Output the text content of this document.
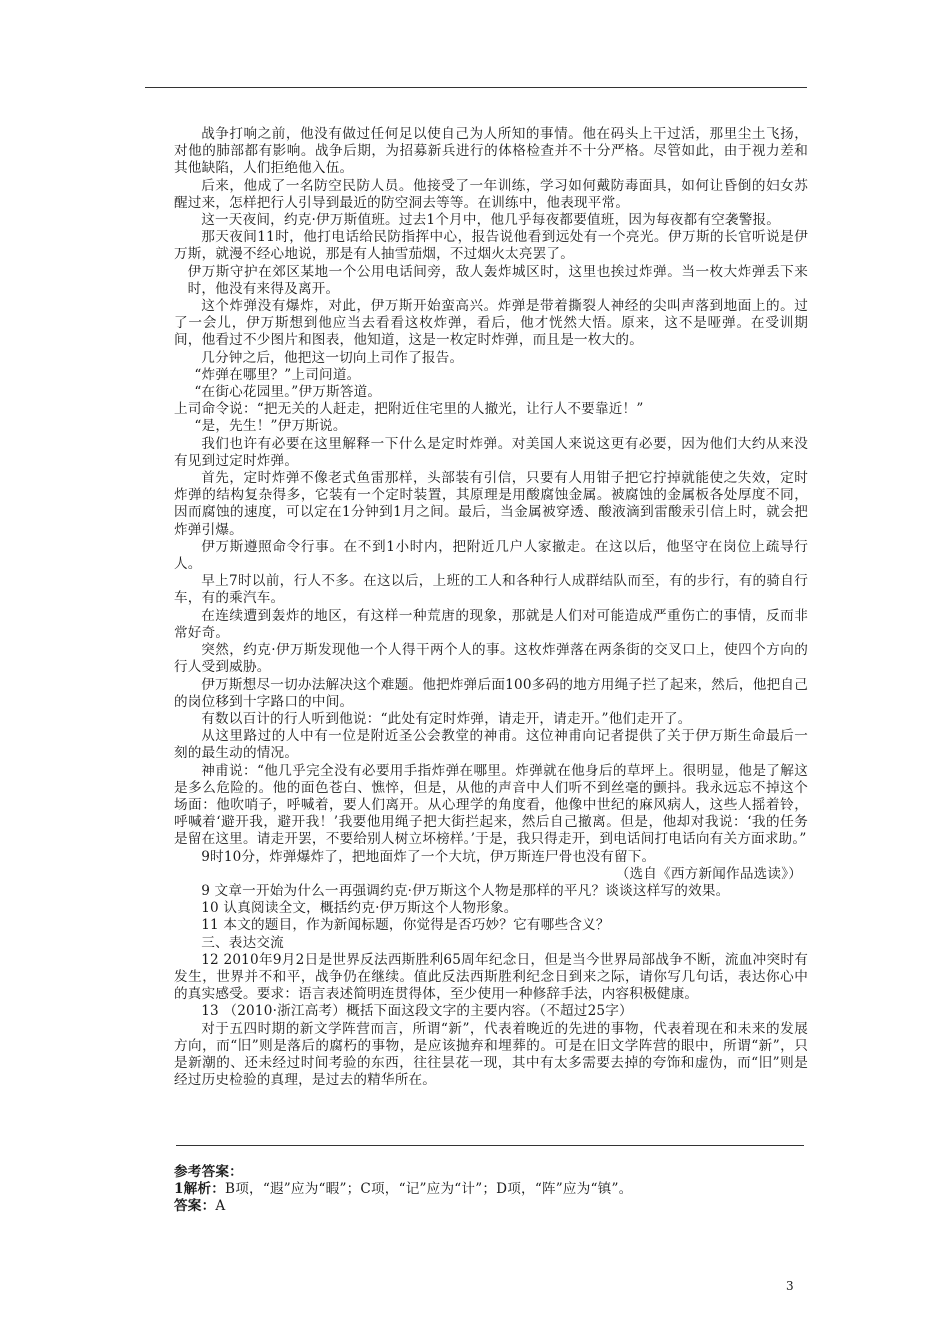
战争打响之前，他没有做过任何足以使自己为人所知的事情。他在码头上干过活，那里尘土飞扬，对他的肺部都有影响。战争后期，为招募新兵进行的体格检查并不十分严格。尽管如此，由于视力差和其他缺陷，人们拒绝他入伍。
后来，他成了一名防空民防人员。他接受了一年训练，学习如何戴防毒面具，如何让昏倒的妇女苏醒过来，怎样把行人引导到最近的防空洞去等等。在训练中，他表现平常。
这一天夜间，约克·伊万斯值班。过去1个月中，他几乎每夜都要值班，因为每夜都有空袭警报。
那天夜间11时，他打电话给民防指挥中心，报告说他看到远处有一个亮光。伊万斯的长官听说是伊万斯，就漫不经心地说，那是有人抽雪茄烟，不过烟火太亮罢了。
伊万斯守护在郊区某地一个公用电话间旁，敌人轰炸城区时，这里也挨过炸弹。当一枚大炸弹丢下来时，他没有来得及离开。
这个炸弹没有爆炸，对此，伊万斯开始蛮高兴。炸弹是带着撕裂人神经的尖叫声落到地面上的。过了一会儿，伊万斯想到他应当去看看这枚炸弹，看后，他才恍然大悟。原来，这不是哑弹。在受训期间，他看过不少图片和图表，他知道，这是一枚定时炸弹，而且是一枚大的。
几分钟之后，他把这一切向上司作了报告。
“炸弹在哪里？”上司问道。
“在街心花园里。”伊万斯答道。
上司命令说：“把无关的人赶走，把附近住宅里的人撤光，让行人不要靠近！”
“是，先生！”伊万斯说。
我们也许有必要在这里解释一下什么是定时炸弹。对美国人来说这更有必要，因为他们大约从来没有见到过定时炸弹。
首先，定时炸弹不像老式鱼雷那样，头部装有引信，只要有人用钳子把它拧掉就能使之失效，定时炸弹的结构复杂得多，它装有一个定时装置，其原理是用酸腐蚀金属。被腐蚀的金属板各处厚度不同，因而腐蚀的速度，可以定在1分钟到1月之间。最后，当金属被穿透、酸液滴到雷酸汞引信上时，就会把炸弹引爆。
伊万斯遵照命令行事。在不到1小时内，把附近几户人家撤走。在这以后，他坚守在岗位上疏导行人。
早上7时以前，行人不多。在这以后，上班的工人和各种行人成群结队而至，有的步行，有的骑自行车，有的乘汽车。
在连续遭到轰炸的地区，有这样一种荒唐的现象，那就是人们对可能造成严重伤亡的事情，反而非常好奇。
突然，约克·伊万斯发现他一个人得干两个人的事。这枚炸弹落在两条街的交叉口上，使四个方向的行人受到威胁。
伊万斯想尽一切办法解决这个难题。他把炸弹后面100多码的地方用绳子拦了起来，然后，他把自己的岗位移到十字路口的中间。
有数以百计的行人听到他说：“此处有定时炸弹，请走开，请走开。”他们走开了。
从这里路过的人中有一位是附近圣公会教堂的神甫。这位神甫向记者提供了关于伊万斯生命最后一刻的最生动的情况。
神甫说：“他几乎完全没有必要用手指炸弹在哪里。炸弹就在他身后的草坪上。很明显，他是了解这是多么危险的。他的面色苍白、憔悴，但是，从他的声音中人们听不到丝毫的颤抖。我永远忘不掉这个场面：他吹哨子，呼喊着，要人们离开。从心理学的角度看，他像中世纪的麻风病人，这些人摇着铃，呼喊着‘避开我，避开我！’我要他用绳子把大街拦起来，然后自己撤离。但是，他却对我说：‘我的任务是留在这里。请走开罢，不要给别人树立坏榜样。’于是，我只得走开，到电话间打电话向有关方面求助。”
9时10分，炸弹爆炸了，把地面炸了一个大坑，伊万斯连尸骨也没有留下。
（选自《西方新闻作品选读》）
9 文章一开始为什么一再强调约克·伊万斯这个人物是那样的平凡？谈谈这样写的效果。
10 认真阅读全文，概括约克·伊万斯这个人物形象。
11 本文的题目，作为新闻标题，你觉得是否巧妙？它有哪些含义？
三、表达交流
12 2010年9月2日是世界反法西斯胜利65周年纪念日，但是当今世界局部战争不断，流血冲突时有发生，世界并不和平，战争仍在继续。值此反法西斯胜利纪念日到来之际，请你写几句话，表达你心中的真实感受。要求：语言表述简明连贯得体，至少使用一种修辞手法，内容积极健康。
13 （2010·浙江高考）概括下面这段文字的主要内容。（不超过25字）
对于五四时期的新文学阵营而言，所谓“新”，代表着晚近的先进的事物，代表着现在和未来的发展方向，而“旧”则是落后的腐朽的事物，是应该抛弃和埋葬的。可是在旧文学阵营的眼中，所谓“新”，只是新潮的、还未经过时间考验的东西，往往昙花一现，其中有太多需要去掉的夸饰和虚伪，而“旧”则是经过历史检验的真理，是过去的精华所在。
参考答案：
1解析：B项，“遐”应为“暇”；C项，“记”应为“计”；D项，“阵”应为“镇”。
答案：A
3
